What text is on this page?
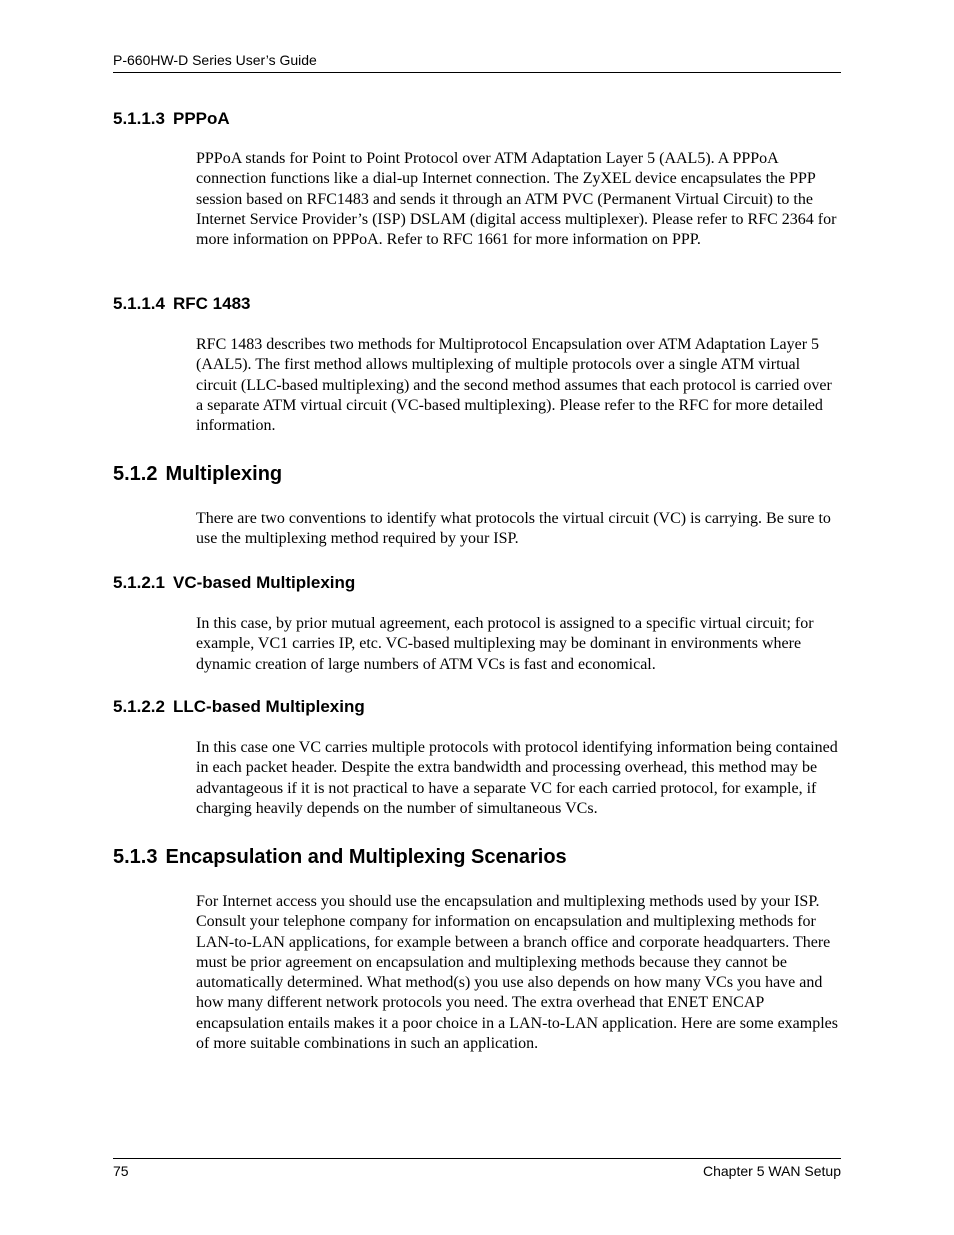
P-660HW-D Series User’s Guide
5.1.1.3 PPPoA

PPPoA stands for Point to Point Protocol over ATM Adaptation Layer 5 (AAL5). A PPPoA connection functions like a dial-up Internet connection. The ZyXEL device encapsulates the PPP session based on RFC1483 and sends it through an ATM PVC (Permanent Virtual Circuit) to the Internet Service Provider’s (ISP) DSLAM (digital access multiplexer). Please refer to RFC 2364 for more information on PPPoA. Refer to RFC 1661 for more information on PPP.

5.1.1.4 RFC 1483

RFC 1483 describes two methods for Multiprotocol Encapsulation over ATM Adaptation Layer 5 (AAL5). The first method allows multiplexing of multiple protocols over a single ATM virtual circuit (LLC-based multiplexing) and the second method assumes that each protocol is carried over a separate ATM virtual circuit (VC-based multiplexing). Please refer to the RFC for more detailed information.

5.1.2 Multiplexing

There are two conventions to identify what protocols the virtual circuit (VC) is carrying. Be sure to use the multiplexing method required by your ISP.

5.1.2.1 VC-based Multiplexing

In this case, by prior mutual agreement, each protocol is assigned to a specific virtual circuit; for example, VC1 carries IP, etc. VC-based multiplexing may be dominant in environments where dynamic creation of large numbers of ATM VCs is fast and economical.

5.1.2.2 LLC-based Multiplexing

In this case one VC carries multiple protocols with protocol identifying information being contained in each packet header. Despite the extra bandwidth and processing overhead, this method may be advantageous if it is not practical to have a separate VC for each carried protocol, for example, if charging heavily depends on the number of simultaneous VCs.

5.1.3 Encapsulation and Multiplexing Scenarios

For Internet access you should use the encapsulation and multiplexing methods used by your ISP. Consult your telephone company for information on encapsulation and multiplexing methods for LAN-to-LAN applications, for example between a branch office and corporate headquarters. There must be prior agreement on encapsulation and multiplexing methods because they cannot be automatically determined. What method(s) you use also depends on how many VCs you have and how many different network protocols you need. The extra overhead that ENET ENCAP encapsulation entails makes it a poor choice in a LAN-to-LAN application. Here are some examples of more suitable combinations in such an application.

75	Chapter 5 WAN Setup
